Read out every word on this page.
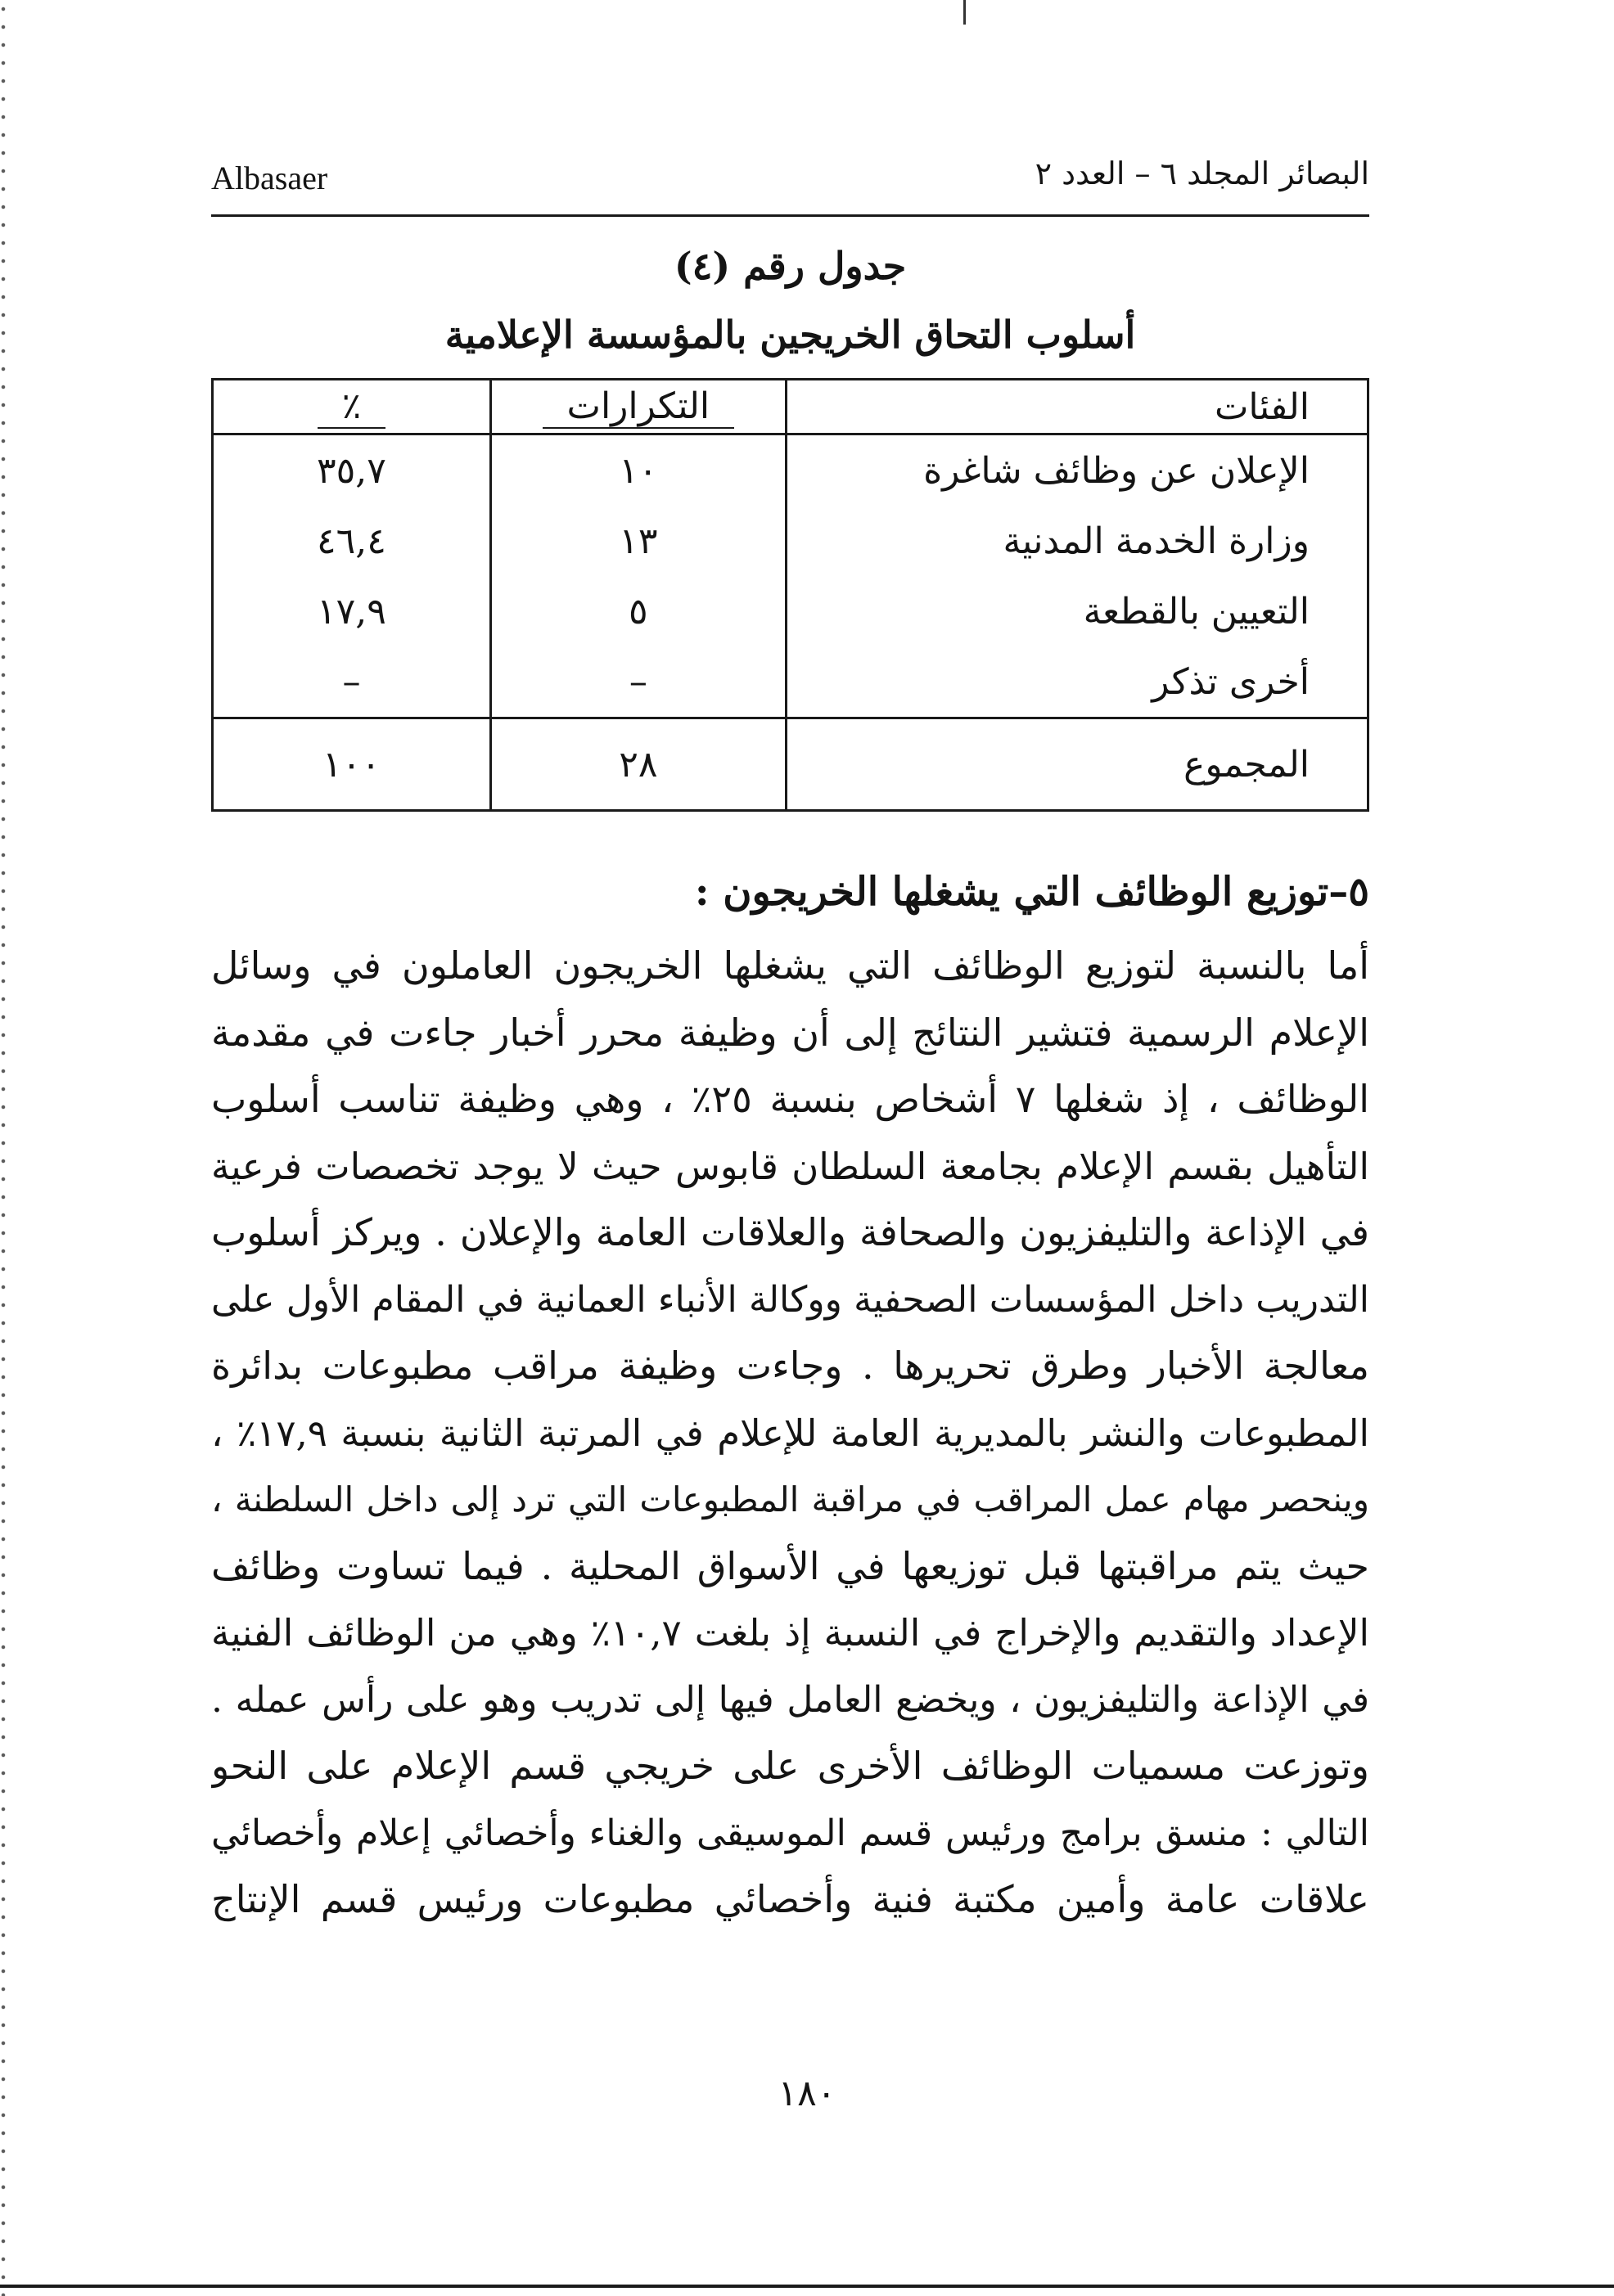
Albasaer	البصائر المجلد ٦ – العدد ٢
جدول رقم (٤)
أسلوب التحاق الخريجين بالمؤسسة الإعلامية
الفئات	التكرارات	٪
الإعلان عن وظائف شاغرة	١٠	٣٥,٧
وزارة الخدمة المدنية	١٣	٤٦,٤
التعيين بالقطعة	٥	١٧,٩
أخرى تذكر	–	–
المجموع	٢٨	١٠٠
٥–توزيع الوظائف التي يشغلها الخريجون :
أما بالنسبة لتوزيع الوظائف التي يشغلها الخريجون العاملون في وسائل
الإعلام الرسمية فتشير النتائج إلى أن وظيفة محرر أخبار جاءت في مقدمة
الوظائف ، إذ شغلها ٧ أشخاص بنسبة ٢٥٪ ، وهي وظيفة تناسب أسلوب
التأهيل بقسم الإعلام بجامعة السلطان قابوس حيث لا يوجد تخصصات فرعية
في الإذاعة والتليفزيون والصحافة والعلاقات العامة والإعلان . ويركز أسلوب
التدريب داخل المؤسسات الصحفية ووكالة الأنباء العمانية في المقام الأول على
معالجة الأخبار وطرق تحريرها . وجاءت وظيفة مراقب مطبوعات بدائرة
المطبوعات والنشر بالمديرية العامة للإعلام في المرتبة الثانية بنسبة ١٧,٩٪ ،
وينحصر مهام عمل المراقب في مراقبة المطبوعات التي ترد إلى داخل السلطنة ،
حيث يتم مراقبتها قبل توزيعها في الأسواق المحلية . فيما تساوت وظائف
الإعداد والتقديم والإخراج في النسبة إذ بلغت ١٠,٧٪ وهي من الوظائف الفنية
في الإذاعة والتليفزيون ، ويخضع العامل فيها إلى تدريب وهو على رأس عمله .
وتوزعت مسميات الوظائف الأخرى على خريجي قسم الإعلام على النحو
التالي : منسق برامج ورئيس قسم الموسيقى والغناء وأخصائي إعلام وأخصائي
علاقات عامة وأمين مكتبة فنية وأخصائي مطبوعات ورئيس قسم الإنتاج
١٨٠
